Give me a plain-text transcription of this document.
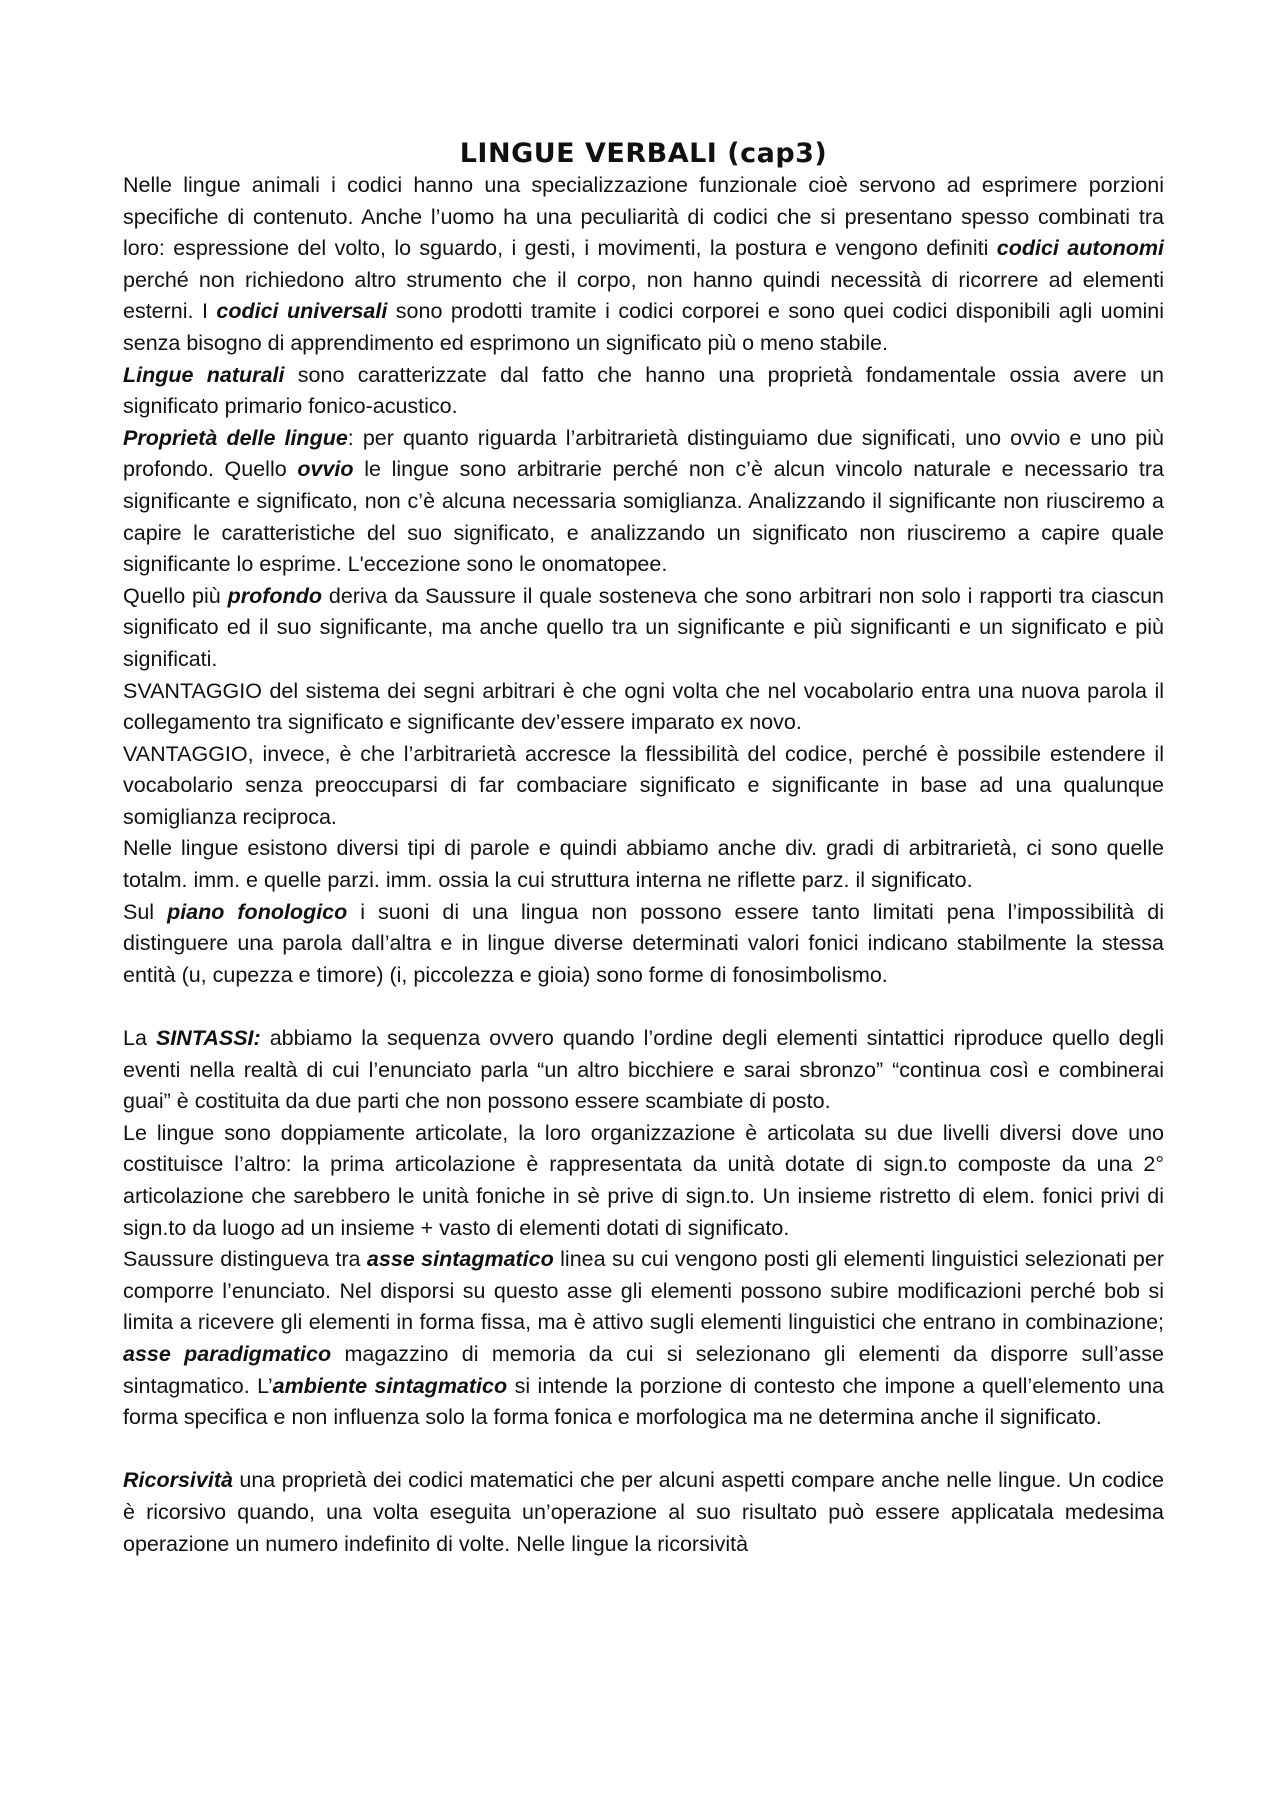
LINGUE VERBALI (cap3)

Nelle lingue animali i codici hanno una specializzazione funzionale cioè servono ad esprimere porzioni specifiche di contenuto. Anche l’uomo ha una peculiarità di codici che si presentano spesso combinati tra loro: espressione del volto, lo sguardo, i gesti, i movimenti, la postura e vengono definiti codici autonomi perché non richiedono altro strumento che il corpo, non hanno quindi necessità di ricorrere ad elementi esterni. I codici universali sono prodotti tramite i codici corporei e sono quei codici disponibili agli uomini senza bisogno di apprendimento ed esprimono un significato più o meno stabile.

Lingue naturali sono caratterizzate dal fatto che hanno una proprietà fondamentale ossia avere un significato primario fonico-acustico.

Proprietà delle lingue: per quanto riguarda l’arbitrarietà distinguiamo due significati, uno ovvio e uno più profondo. Quello ovvio le lingue sono arbitrarie perché non c’è alcun vincolo naturale e necessario tra significante e significato, non c’è alcuna necessaria somiglianza. Analizzando il significante non riusciremo a capire le caratteristiche del suo significato, e analizzando un significato non riusciremo a capire quale significante lo esprime. L'eccezione sono le onomatopee.

Quello più profondo deriva da Saussure il quale sosteneva che sono arbitrari non solo i rapporti tra ciascun significato ed il suo significante, ma anche quello tra un significante e più significanti e un significato e più significati.

SVANTAGGIO del sistema dei segni arbitrari è che ogni volta che nel vocabolario entra una nuova parola il collegamento tra significato e significante dev’essere imparato ex novo.

VANTAGGIO, invece, è che l’arbitrarietà accresce la flessibilità del codice, perché è possibile estendere il vocabolario senza preoccuparsi di far combaciare significato e significante in base ad una qualunque somiglianza reciproca.

Nelle lingue esistono diversi tipi di parole e quindi abbiamo anche div. gradi di arbitrarietà, ci sono quelle totalm. imm. e quelle parzi. imm. ossia la cui struttura interna ne riflette parz. il significato.

Sul piano fonologico i suoni di una lingua non possono essere tanto limitati pena l’impossibilità di distinguere una parola dall’altra e in lingue diverse determinati valori fonici indicano stabilmente la stessa entità (u, cupezza e timore) (i, piccolezza e gioia) sono forme di fonosimbolismo.

La SINTASSI: abbiamo la sequenza ovvero quando l’ordine degli elementi sintattici riproduce quello degli eventi nella realtà di cui l’enunciato parla “un altro bicchiere e sarai sbronzo” “continua così e combinerai guai” è costituita da due parti che non possono essere scambiate di posto.

Le lingue sono doppiamente articolate, la loro organizzazione è articolata su due livelli diversi dove uno costituisce l’altro: la prima articolazione è rappresentata da unità dotate di sign.to composte da una 2° articolazione che sarebbero le unità foniche in sè prive di sign.to. Un insieme ristretto di elem. fonici privi di sign.to da luogo ad un insieme + vasto di elementi dotati di significato.

Saussure distingueva tra asse sintagmatico linea su cui vengono posti gli elementi linguistici selezionati per comporre l’enunciato. Nel disporsi su questo asse gli elementi possono subire modificazioni perché bob si limita a ricevere gli elementi in forma fissa, ma è attivo sugli elementi linguistici che entrano in combinazione; asse paradigmatico magazzino di memoria da cui si selezionano gli elementi da disporre sull’asse sintagmatico. L’ambiente sintagmatico si intende la porzione di contesto che impone a quell’elemento una forma specifica e non influenza solo la forma fonica e morfologica ma ne determina anche il significato.

Ricorsività una proprietà dei codici matematici che per alcuni aspetti compare anche nelle lingue. Un codice è ricorsivo quando, una volta eseguita un’operazione al suo risultato può essere applicatala medesima operazione un numero indefinito di volte. Nelle lingue la ricorsività
